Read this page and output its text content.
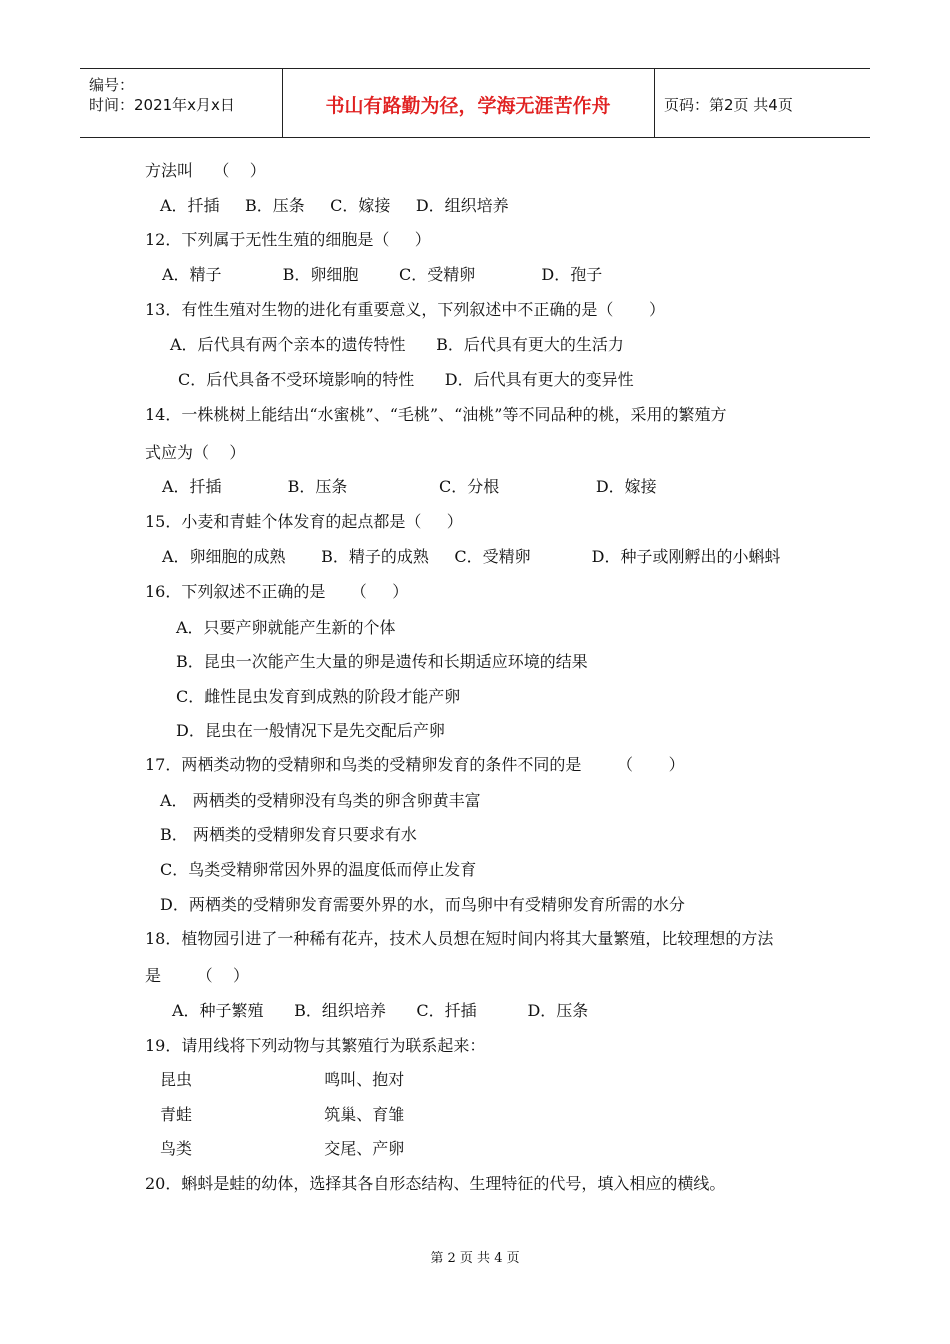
编号：
时间：2021年x月x日	书山有路勤为径，学海无涯苦作舟	页码：第2页 共4页
方法叫    （    ）
A．扦插     B．压条     C．嫁接     D．组织培养
12．下列属于无性生殖的细胞是（     ）
A．精子            B．卵细胞        C．受精卵             D．孢子
13．有性生殖对生物的进化有重要意义，下列叙述中不正确的是（       ）
A．后代具有两个亲本的遗传特性      B．后代具有更大的生活力
C．后代具备不受环境影响的特性      D．后代具有更大的变异性
14．一株桃树上能结出“水蜜桃”、“毛桃”、“油桃”等不同品种的桃，采用的繁殖方
式应为（    ）
A．扦插             B．压条                  C．分根                   D．嫁接
15．小麦和青蛙个体发育的起点都是（     ）
A．卵细胞的成熟       B．精子的成熟     C．受精卵            D．种子或刚孵出的小蝌蚪
16．下列叙述不正确的是     （     ）
A．只要产卵就能产生新的个体
B．昆虫一次能产生大量的卵是遗传和长期适应环境的结果
C．雌性昆虫发育到成熟的阶段才能产卵
D．昆虫在一般情况下是先交配后产卵
17．两栖类动物的受精卵和鸟类的受精卵发育的条件不同的是       （       ）
A． 两栖类的受精卵没有鸟类的卵含卵黄丰富
B． 两栖类的受精卵发育只要求有水
C．鸟类受精卵常因外界的温度低而停止发育
D．两栖类的受精卵发育需要外界的水，而鸟卵中有受精卵发育所需的水分
18．植物园引进了一种稀有花卉，技术人员想在短时间内将其大量繁殖，比较理想的方法
是       （    ）
A．种子繁殖      B．组织培养      C．扦插          D．压条
19．请用线将下列动物与其繁殖行为联系起来：
昆虫                          鸣叫、抱对
青蛙                          筑巢、育雏
鸟类                          交尾、产卵
20．蝌蚪是蛙的幼体，选择其各自形态结构、生理特征的代号，填入相应的横线。
第 2 页 共 4 页
